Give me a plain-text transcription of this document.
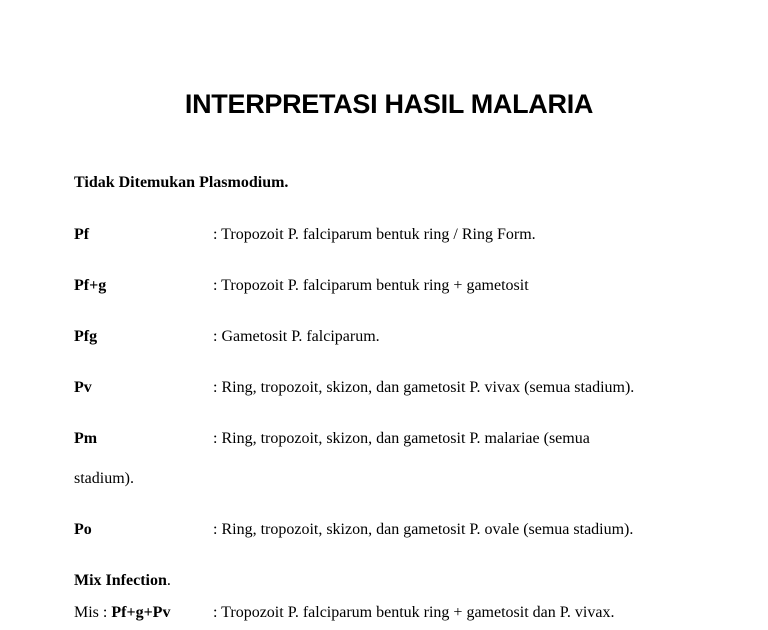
INTERPRETASI HASIL MALARIA
Tidak Ditemukan Plasmodium.
Pf	: Tropozoit P. falciparum bentuk ring / Ring Form.
Pf+g	: Tropozoit P. falciparum bentuk ring + gametosit
Pfg	: Gametosit P. falciparum.
Pv	: Ring, tropozoit, skizon, dan gametosit P. vivax (semua stadium).
Pm	: Ring, tropozoit, skizon, dan gametosit P. malariae (semua
stadium).
Po	: Ring, tropozoit, skizon, dan gametosit P. ovale (semua stadium).
Mix Infection.
Mis : Pf+g+Pv	: Tropozoit P. falciparum bentuk ring + gametosit dan P. vivax.
